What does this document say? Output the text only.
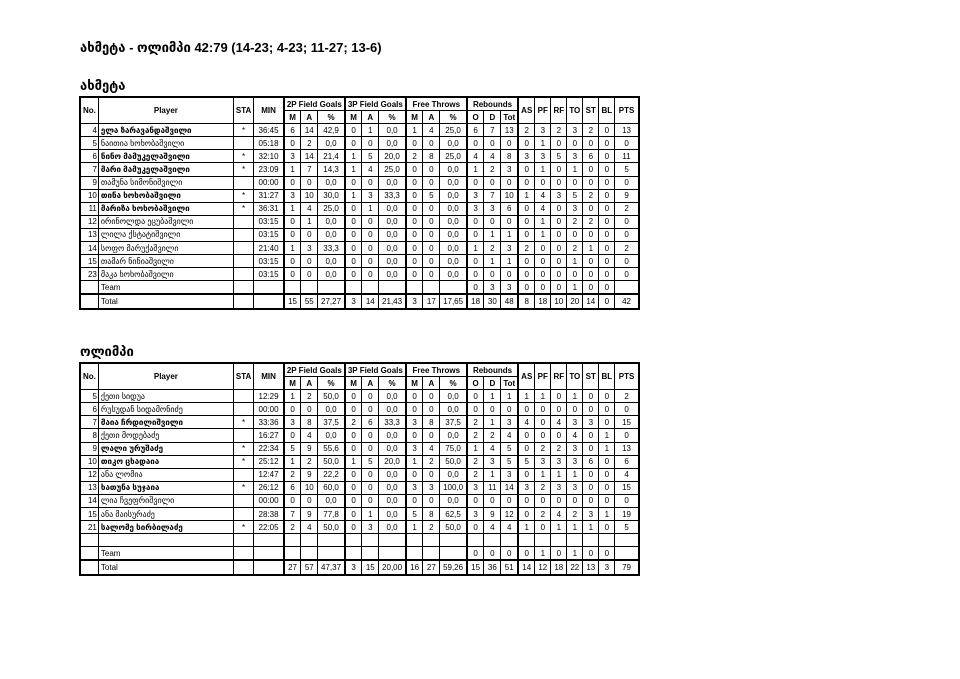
ახმეტა - ოლიმპი 42:79 (14-23; 4-23; 11-27; 13-6)
ახმეტა
No.	Player	STA	MIN	2P Field Goals			3P Field Goals			Free Throws			Rebounds			AS	PF	RF	TO	ST	BL	PTS
				M	A	%	M	A	%	M	A	%	O	D	Tot							
4	ელა ზარავანდაშვილი	*	36:45	6	14	42,9	0	1	0,0	1	4	25,0	6	7	13	2	3	2	3	2	0	13
5	ნაითია ხოხობაშვილი		05:18	0	2	0,0	0	0	0,0	0	0	0,0	0	0	0	0	1	0	0	0	0	0
6	ნინო მამუკელაშვილი	*	32:10	3	14	21,4	1	5	20,0	2	8	25,0	4	4	8	3	3	5	3	6	0	11
7	მარი მამუკელაშვილი	*	23:09	1	7	14,3	1	4	25,0	0	0	0,0	1	2	3	0	1	0	1	0	0	5
9	თამუნა სიმონიშვილი		00:00	0	0	0,0	0	0	0,0	0	0	0,0	0	0	0	0	0	0	0	0	0	0
10	თინა ხოხობაშვილი	*	31:27	3	10	30,0	1	3	33,3	0	5	0,0	3	7	10	1	4	3	5	2	0	9
11	მარიზა ხოხობაშვილი	*	36:31	1	4	25,0	0	1	0,0	0	0	0,0	3	3	6	0	4	0	3	0	0	2
12	ირინოლდა ეცუბაშვილი		03:15	0	1	0,0	0	0	0,0	0	0	0,0	0	0	0	0	1	0	2	2	0	0
13	ლილა ქსტატიშვილი		03:15	0	0	0,0	0	0	0,0	0	0	0,0	0	1	1	0	1	0	0	0	0	0
14	სოფო მარუქაშვილი		21:40	1	3	33,3	0	0	0,0	0	0	0,0	1	2	3	2	0	0	2	1	0	2
15	თამარ ნინიაშვილი		03:15	0	0	0,0	0	0	0,0	0	0	0,0	0	1	1	0	0	0	1	0	0	0
23	მაკა ხოხობაშვილი		03:15	0	0	0,0	0	0	0,0	0	0	0,0	0	0	0	0	0	0	0	0	0	0
	Team												0	3	3	0	0	0	1	0	0	
	Total			15	55	27,27	3	14	21,43	3	17	17,65	18	30	48	8	18	10	20	14	0	42
ოლიმპი
No.	Player	STA	MIN	2P Field Goals			3P Field Goals			Free Throws			Rebounds			AS	PF	RF	TO	ST	BL	PTS
				M	A	%	M	A	%	M	A	%	O	D	Tot							
5	ქეთი სიდუა		12:29	1	2	50,0	0	0	0,0	0	0	0,0	0	1	1	1	1	0	1	0	0	2
6	რუსუდან სიდამონიძე		00:00	0	0	0,0	0	0	0,0	0	0	0,0	0	0	0	0	0	0	0	0	0	0
7	მაია ჩრდილიშვილი	*	33:36	3	8	37,5	2	6	33,3	3	8	37,5	2	1	3	4	0	4	3	3	0	15
8	ქეთი მოდებაძე		16:27	0	4	0,0	0	0	0,0	0	0	0,0	2	2	4	0	0	0	4	0	1	0
9	ლალი ურუშაძე	*	22:34	5	9	55,6	0	0	0,0	3	4	75,0	1	4	5	0	2	2	3	0	1	13
10	თიკო ცხადაია	*	25:12	1	2	50,0	1	5	20,0	1	2	50,0	2	3	5	5	3	3	3	6	0	6
12	ანა ლომია		12:47	2	9	22,2	0	0	0,0	0	0	0,0	2	1	3	0	1	1	1	0	0	4
13	ხათუნა სუჯაია	*	26:12	6	10	60,0	0	0	0,0	3	3	100,0	3	11	14	3	2	3	3	0	0	15
14	ლია ჩვეფრიშვილი		00:00	0	0	0,0	0	0	0,0	0	0	0,0	0	0	0	0	0	0	0	0	0	0
15	ანა მაისურაძე		28:38	7	9	77,8	0	1	0,0	5	8	62,5	3	9	12	0	2	4	2	3	1	19
21	სალომე სირბილაძე	*	22:05	2	4	50,0	0	3	0,0	1	2	50,0	0	4	4	1	0	1	1	1	0	5

	Team												0	0	0	0	1	0	1	0	0	
	Total			27	57	47,37	3	15	20,00	16	27	59,26	15	36	51	14	12	18	22	13	3	79
